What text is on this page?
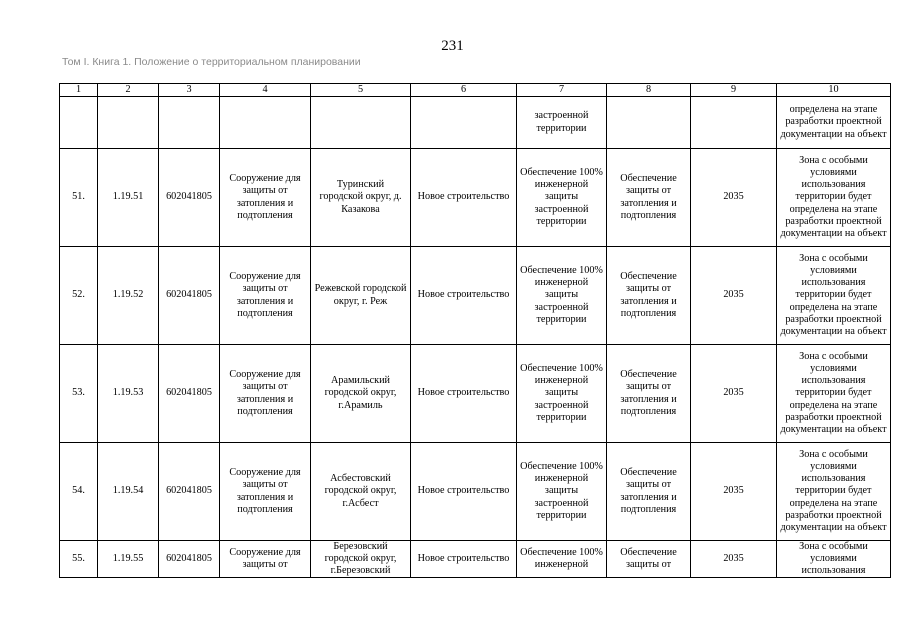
231
Том I. Книга 1. Положение о территориальном планировании
1	2	3	4	5	6	7	8	9	10
						застроенной территории			определена на этапе разработки проектной документации на объект

51.	1.19.51	602041805	Сооружение для защиты от затопления и подтопления	Туринский городской округ, д. Казакова	Новое строительство	Обеспечение 100% инженерной защиты застроенной территории	Обеспечение защиты от затопления и подтопления	2035	Зона с особыми условиями использования территории будет определена на этапе разработки проектной документации на объект

52.	1.19.52	602041805	Сооружение для защиты от затопления и подтопления	Режевской городской округ, г. Реж	Новое строительство	Обеспечение 100% инженерной защиты застроенной территории	Обеспечение защиты от затопления и подтопления	2035	Зона с особыми условиями использования территории будет определена на этапе разработки проектной документации на объект

53.	1.19.53	602041805	Сооружение для защиты от затопления и подтопления	Арамильский городской округ, г.Арамиль	Новое строительство	Обеспечение 100% инженерной защиты застроенной территории	Обеспечение защиты от затопления и подтопления	2035	Зона с особыми условиями использования территории будет определена на этапе разработки проектной документации на объект

54.	1.19.54	602041805	Сооружение для защиты от затопления и подтопления	Асбестовский городской округ, г.Асбест	Новое строительство	Обеспечение 100% инженерной защиты застроенной территории	Обеспечение защиты от затопления и подтопления	2035	Зона с особыми условиями использования территории будет определена на этапе разработки проектной документации на объект

55.	1.19.55	602041805	Сооружение для защиты от	Березовский городской округ, г.Березовский	Новое строительство	Обеспечение 100% инженерной	Обеспечение защиты от	2035	Зона с особыми условиями использования
